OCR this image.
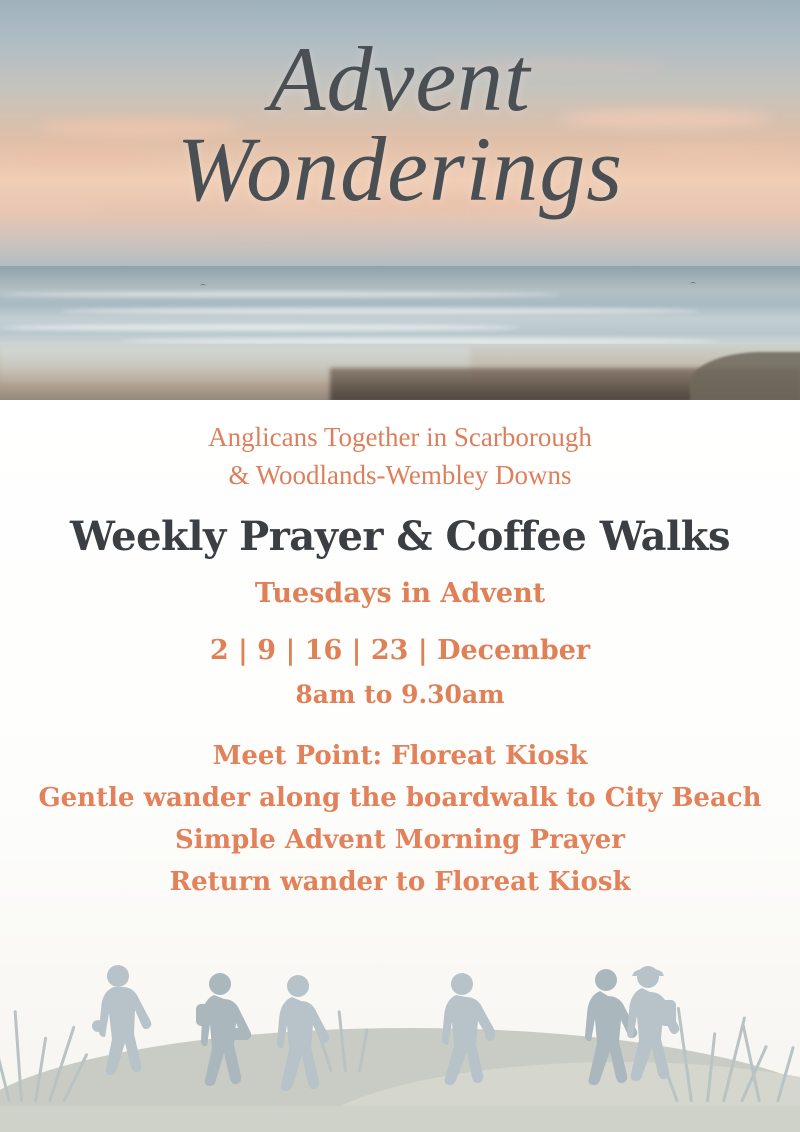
Advent
Wonderings
Anglicans Together in Scarborough
& Woodlands-Wembley Downs
Weekly Prayer & Coffee Walks
Tuesdays in Advent
2 | 9 | 16 | 23 | December
8am to 9.30am
Meet Point: Floreat Kiosk
Gentle wander along the boardwalk to City Beach
Simple Advent Morning Prayer
Return wander to Floreat Kiosk
